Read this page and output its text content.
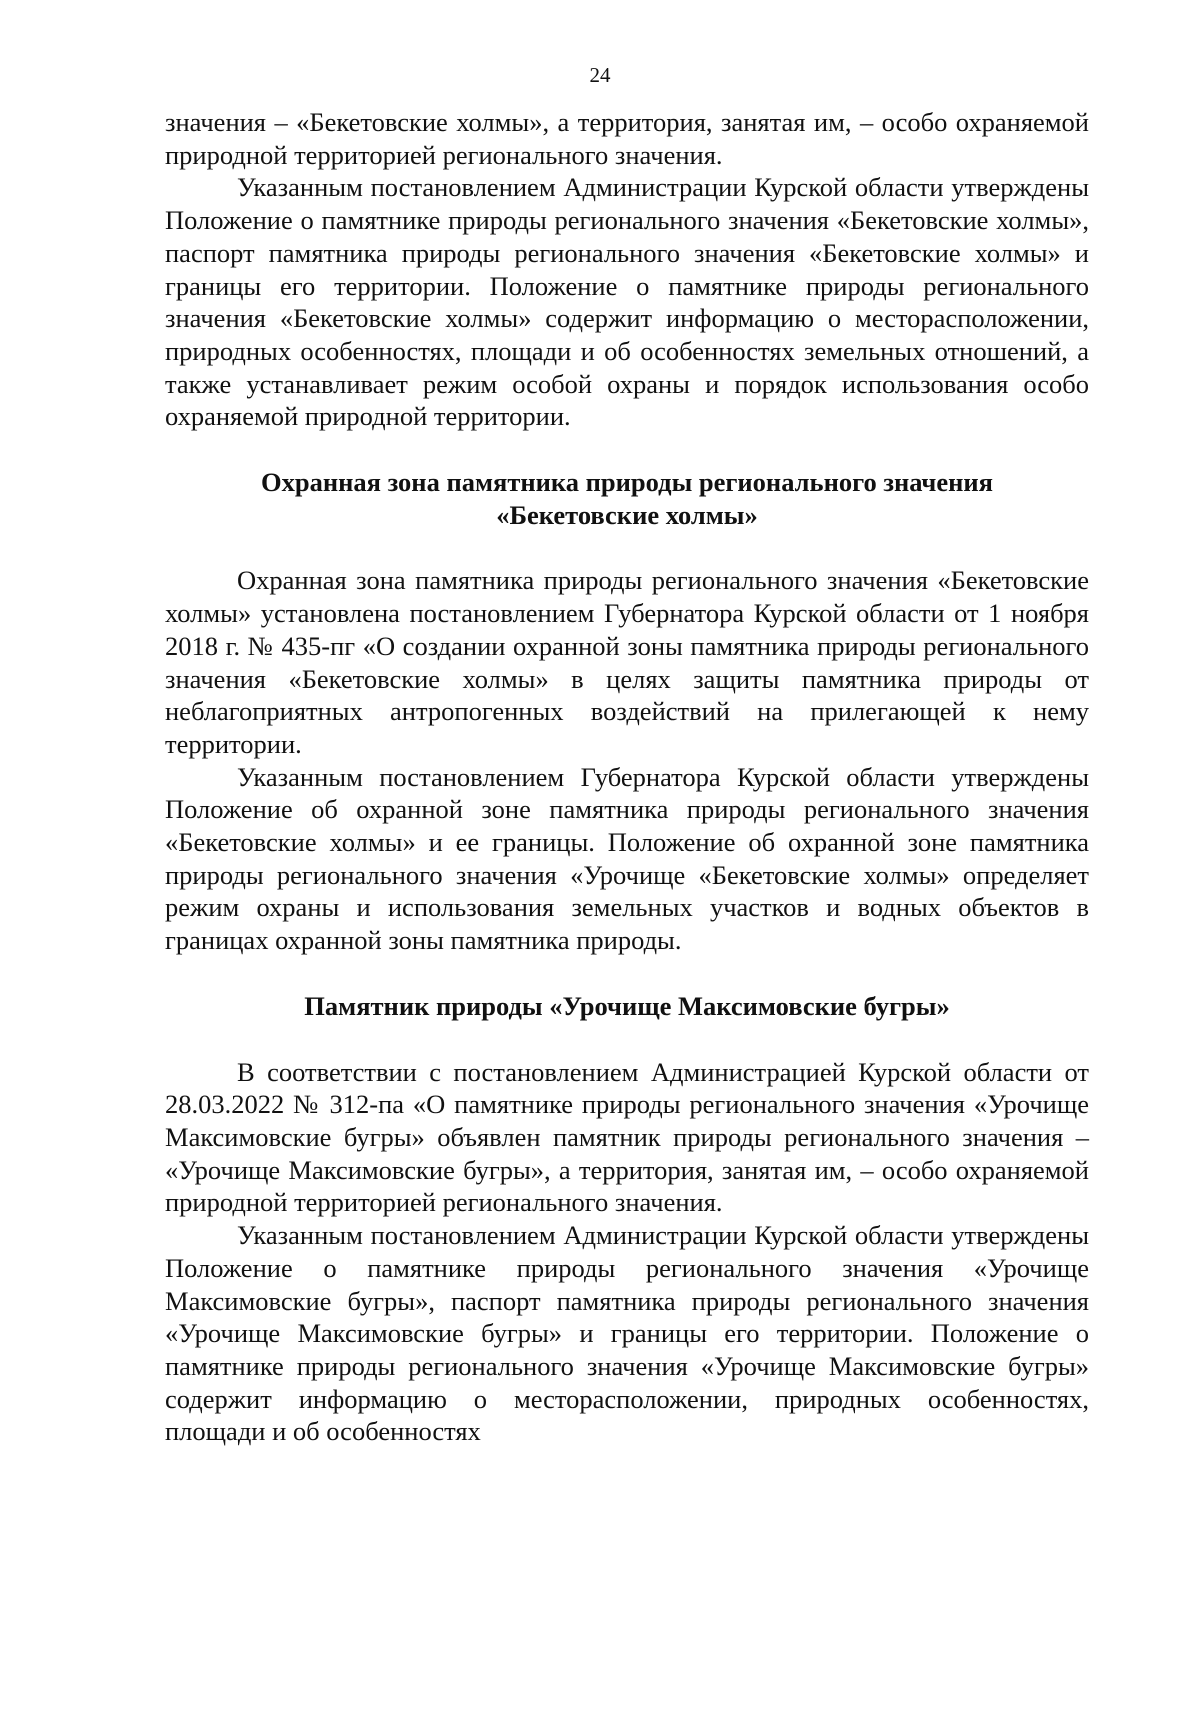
24

значения – «Бекетовские холмы», а территория, занятая им, – особо охраняемой природной территорией регионального значения.

Указанным постановлением Администрации Курской области утверждены Положение о памятнике природы регионального значения «Бекетовские холмы», паспорт памятника природы регионального значения «Бекетовские холмы» и границы его территории. Положение о памятнике природы регионального значения «Бекетовские холмы» содержит информацию о месторасположении, природных особенностях, площади и об особенностях земельных отношений, а также устанавливает режим особой охраны и порядок использования особо охраняемой природной территории.

Охранная зона памятника природы регионального значения
«Бекетовские холмы»

Охранная зона памятника природы регионального значения «Бекетовские холмы» установлена постановлением Губернатора Курской области от 1 ноября 2018 г. № 435-пг «О создании охранной зоны памятника природы регионального значения «Бекетовские холмы» в целях защиты памятника природы от неблагоприятных антропогенных воздействий на прилегающей к нему территории.

Указанным постановлением Губернатора Курской области утверждены Положение об охранной зоне памятника природы регионального значения «Бекетовские холмы» и ее границы. Положение об охранной зоне памятника природы регионального значения «Урочище «Бекетовские холмы» определяет режим охраны и использования земельных участков и водных объектов в границах охранной зоны памятника природы.

Памятник природы «Урочище Максимовские бугры»

В соответствии с постановлением Администрацией Курской области от 28.03.2022 № 312-па «О памятнике природы регионального значения «Урочище Максимовские бугры» объявлен памятник природы регионального значения – «Урочище Максимовские бугры», а территория, занятая им, – особо охраняемой природной территорией регионального значения.

Указанным постановлением Администрации Курской области утверждены Положение о памятнике природы регионального значения «Урочище Максимовские бугры», паспорт памятника природы регионального значения «Урочище Максимовские бугры» и границы его территории. Положение о памятнике природы регионального значения «Урочище Максимовские бугры» содержит информацию о месторасположении, природных особенностях, площади и об особенностях
